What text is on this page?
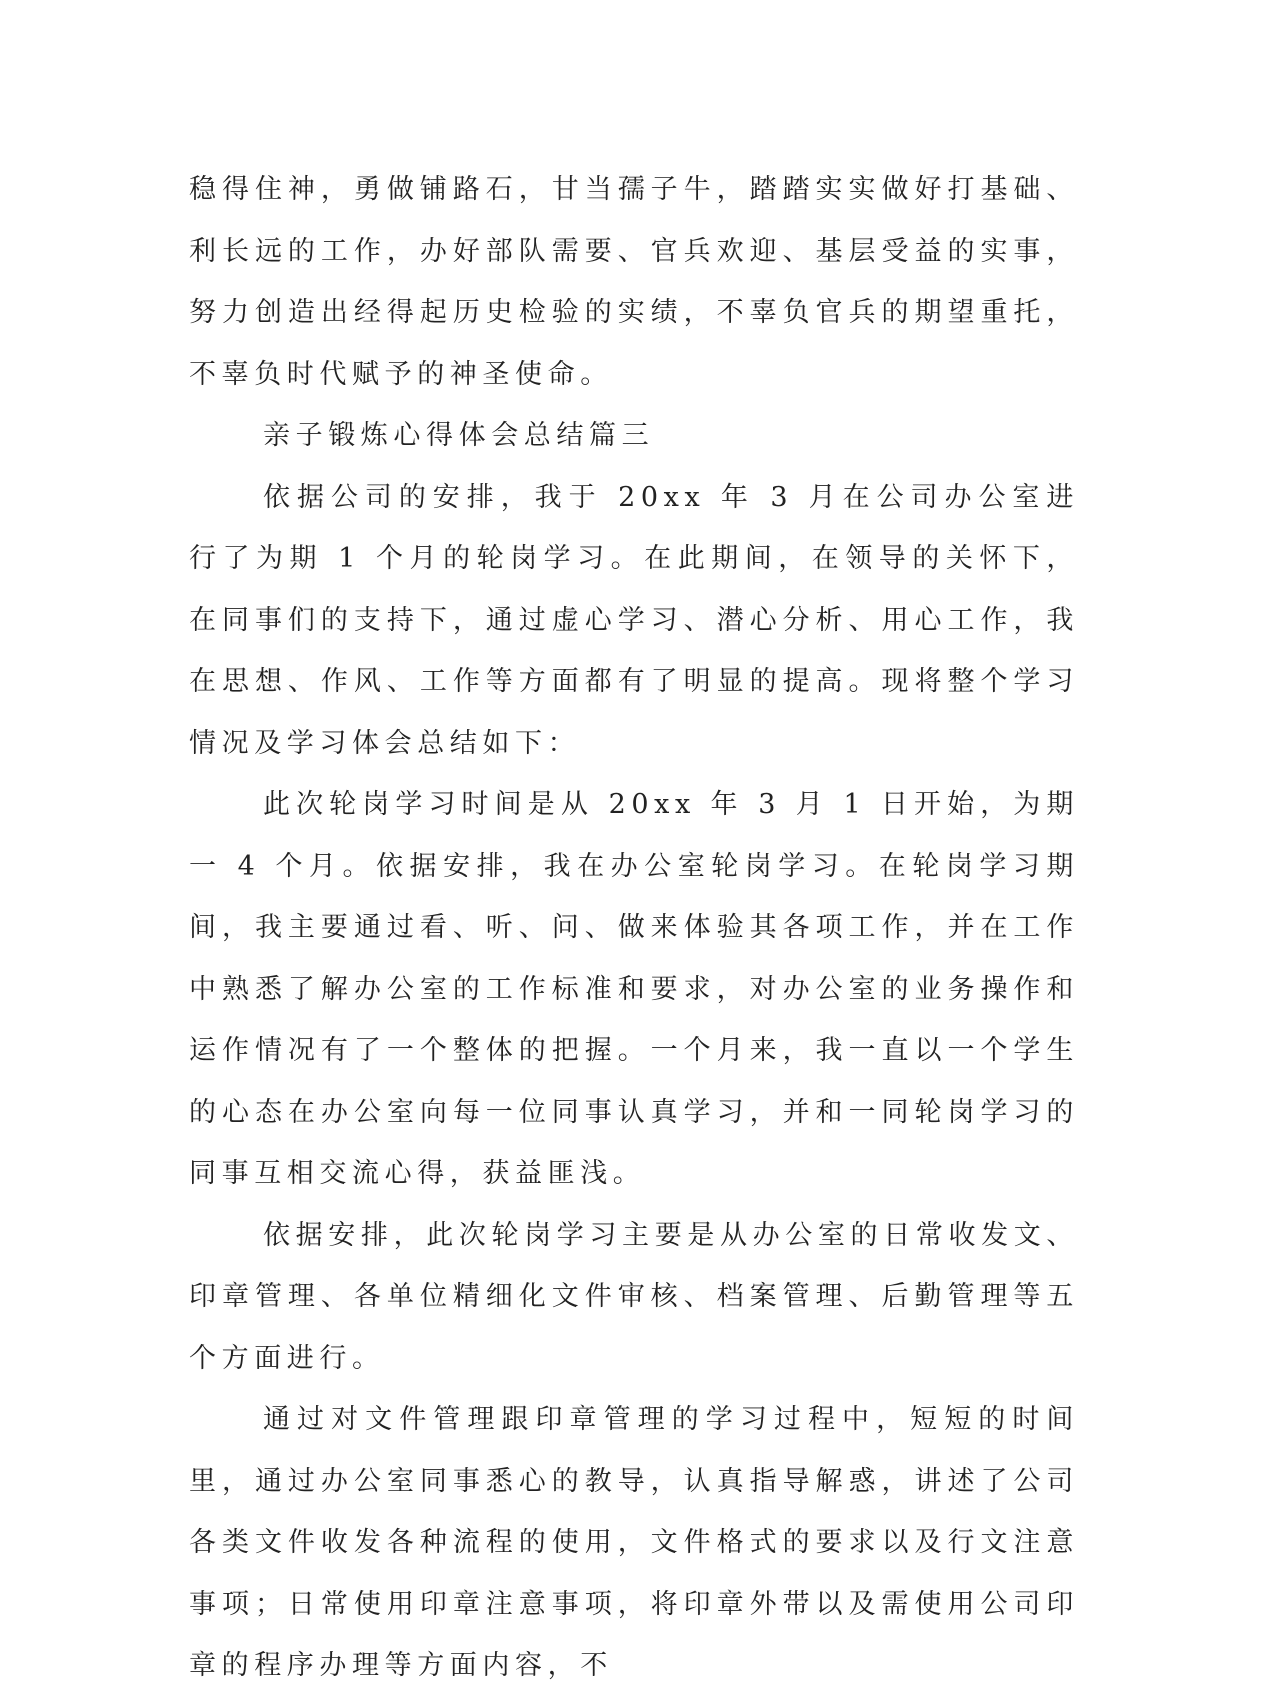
稳得住神，勇做铺路石，甘当孺子牛，踏踏实实做好打基础、利长远的工作，办好部队需要、官兵欢迎、基层受益的实事，努力创造出经得起历史检验的实绩，不辜负官兵的期望重托，不辜负时代赋予的神圣使命。

亲子锻炼心得体会总结篇三

依据公司的安排，我于 20xx 年 3 月在公司办公室进行了为期 1 个月的轮岗学习。在此期间，在领导的关怀下，在同事们的支持下，通过虚心学习、潜心分析、用心工作，我在思想、作风、工作等方面都有了明显的提高。现将整个学习情况及学习体会总结如下：

此次轮岗学习时间是从 20xx 年 3 月 1 日开始，为期一 4 个月。依据安排，我在办公室轮岗学习。在轮岗学习期间，我主要通过看、听、问、做来体验其各项工作，并在工作中熟悉了解办公室的工作标准和要求，对办公室的业务操作和运作情况有了一个整体的把握。一个月来，我一直以一个学生的心态在办公室向每一位同事认真学习，并和一同轮岗学习的同事互相交流心得，获益匪浅。

依据安排，此次轮岗学习主要是从办公室的日常收发文、印章管理、各单位精细化文件审核、档案管理、后勤管理等五个方面进行。

通过对文件管理跟印章管理的学习过程中，短短的时间里，通过办公室同事悉心的教导，认真指导解惑，讲述了公司各类文件收发各种流程的使用，文件格式的要求以及行文注意事项；日常使用印章注意事项，将印章外带以及需使用公司印章的程序办理等方面内容，不
